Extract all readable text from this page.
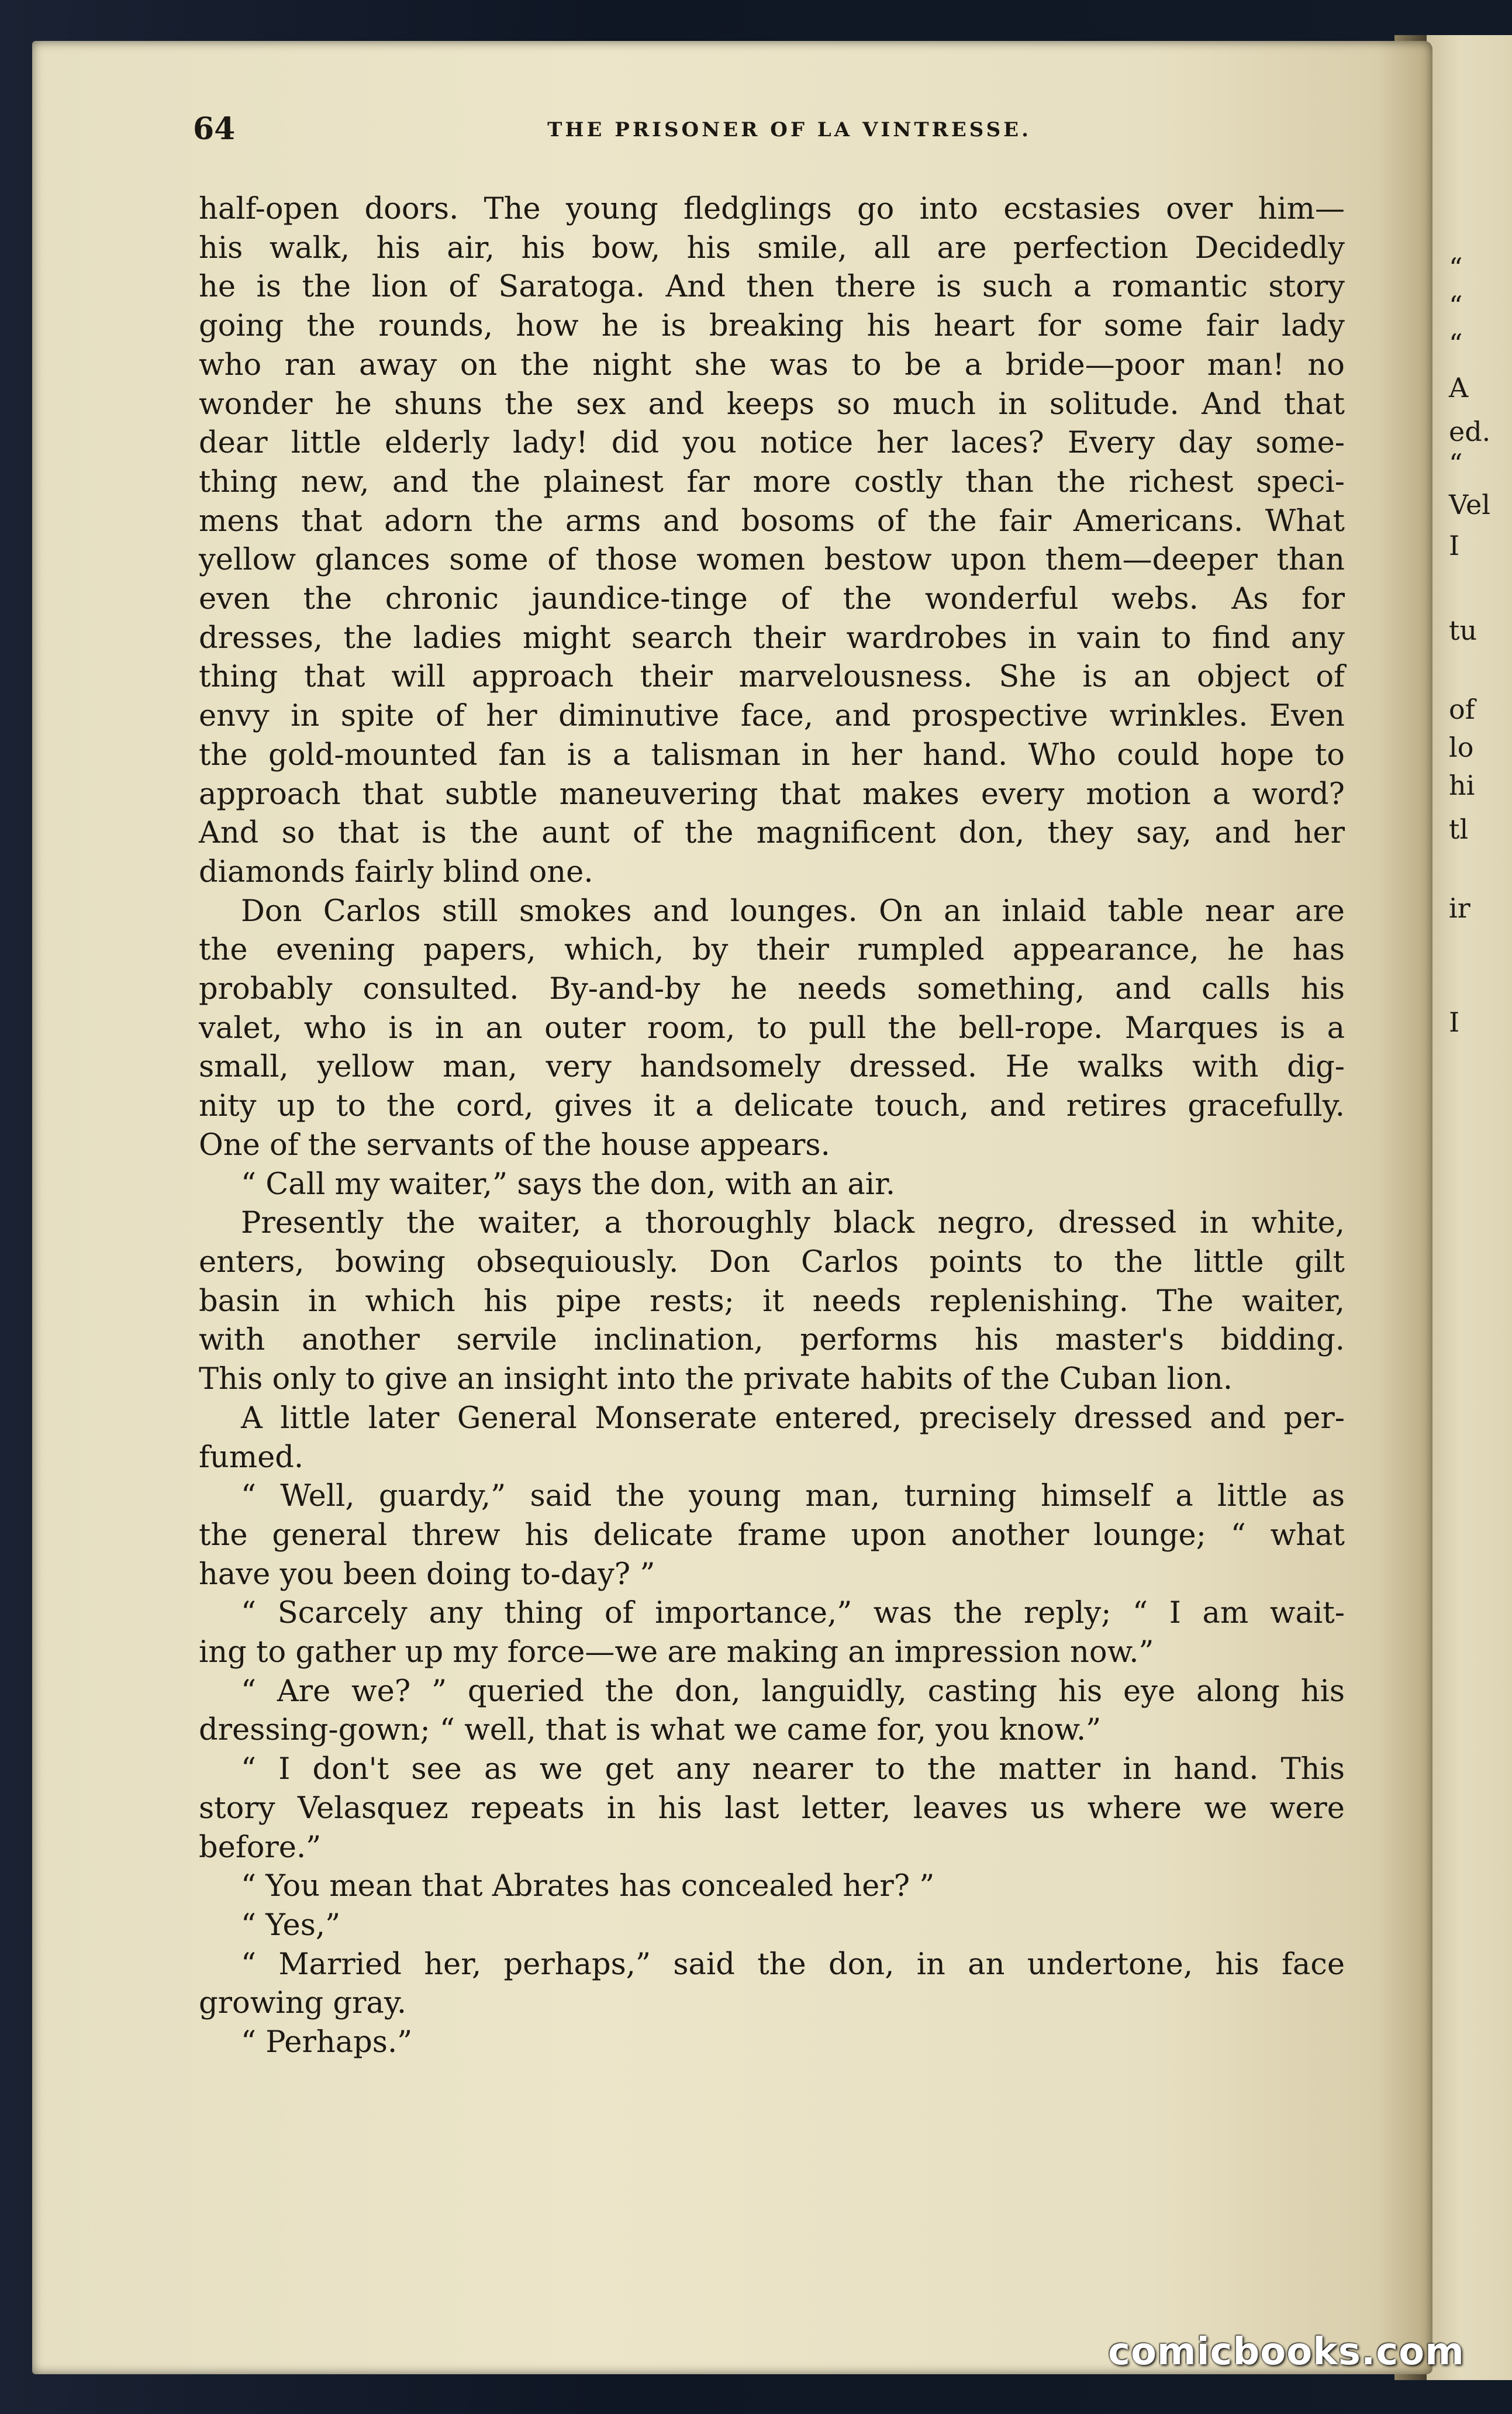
“
“
“
A
ed.
“
Vel
I
tu
of
lo
hi
tl
ir
I
64	THE PRISONER OF LA VINTRESSE.
half-open doors. The young fledglings go into ecstasies over him—
his walk, his air, his bow, his smile, all are perfection Decidedly
he is the lion of Saratoga. And then there is such a romantic story
going the rounds, how he is breaking his heart for some fair lady
who ran away on the night she was to be a bride—poor man! no
wonder he shuns the sex and keeps so much in solitude. And that
dear little elderly lady! did you notice her laces? Every day some-
thing new, and the plainest far more costly than the richest speci-
mens that adorn the arms and bosoms of the fair Americans. What
yellow glances some of those women bestow upon them—deeper than
even the chronic jaundice-tinge of the wonderful webs. As for
dresses, the ladies might search their wardrobes in vain to find any
thing that will approach their marvelousness. She is an object of
envy in spite of her diminutive face, and prospective wrinkles. Even
the gold-mounted fan is a talisman in her hand. Who could hope to
approach that subtle maneuvering that makes every motion a word?
And so that is the aunt of the magnificent don, they say, and her
diamonds fairly blind one.
Don Carlos still smokes and lounges. On an inlaid table near are
the evening papers, which, by their rumpled appearance, he has
probably consulted. By-and-by he needs something, and calls his
valet, who is in an outer room, to pull the bell-rope. Marques is a
small, yellow man, very handsomely dressed. He walks with dig-
nity up to the cord, gives it a delicate touch, and retires gracefully.
One of the servants of the house appears.
“ Call my waiter,” says the don, with an air.
Presently the waiter, a thoroughly black negro, dressed in white,
enters, bowing obsequiously. Don Carlos points to the little gilt
basin in which his pipe rests; it needs replenishing. The waiter,
with another servile inclination, performs his master's bidding.
This only to give an insight into the private habits of the Cuban lion.
A little later General Monserate entered, precisely dressed and per-
fumed.
“ Well, guardy,” said the young man, turning himself a little as
the general threw his delicate frame upon another lounge; “ what
have you been doing to-day? ”
“ Scarcely any thing of importance,” was the reply; “ I am wait-
ing to gather up my force—we are making an impression now.”
“ Are we? ” queried the don, languidly, casting his eye along his
dressing-gown; “ well, that is what we came for, you know.”
“ I don't see as we get any nearer to the matter in hand. This
story Velasquez repeats in his last letter, leaves us where we were
before.”
“ You mean that Abrates has concealed her? ”
“ Yes,”
“ Married her, perhaps,” said the don, in an undertone, his face
growing gray.
“ Perhaps.”
comicbooks.com
